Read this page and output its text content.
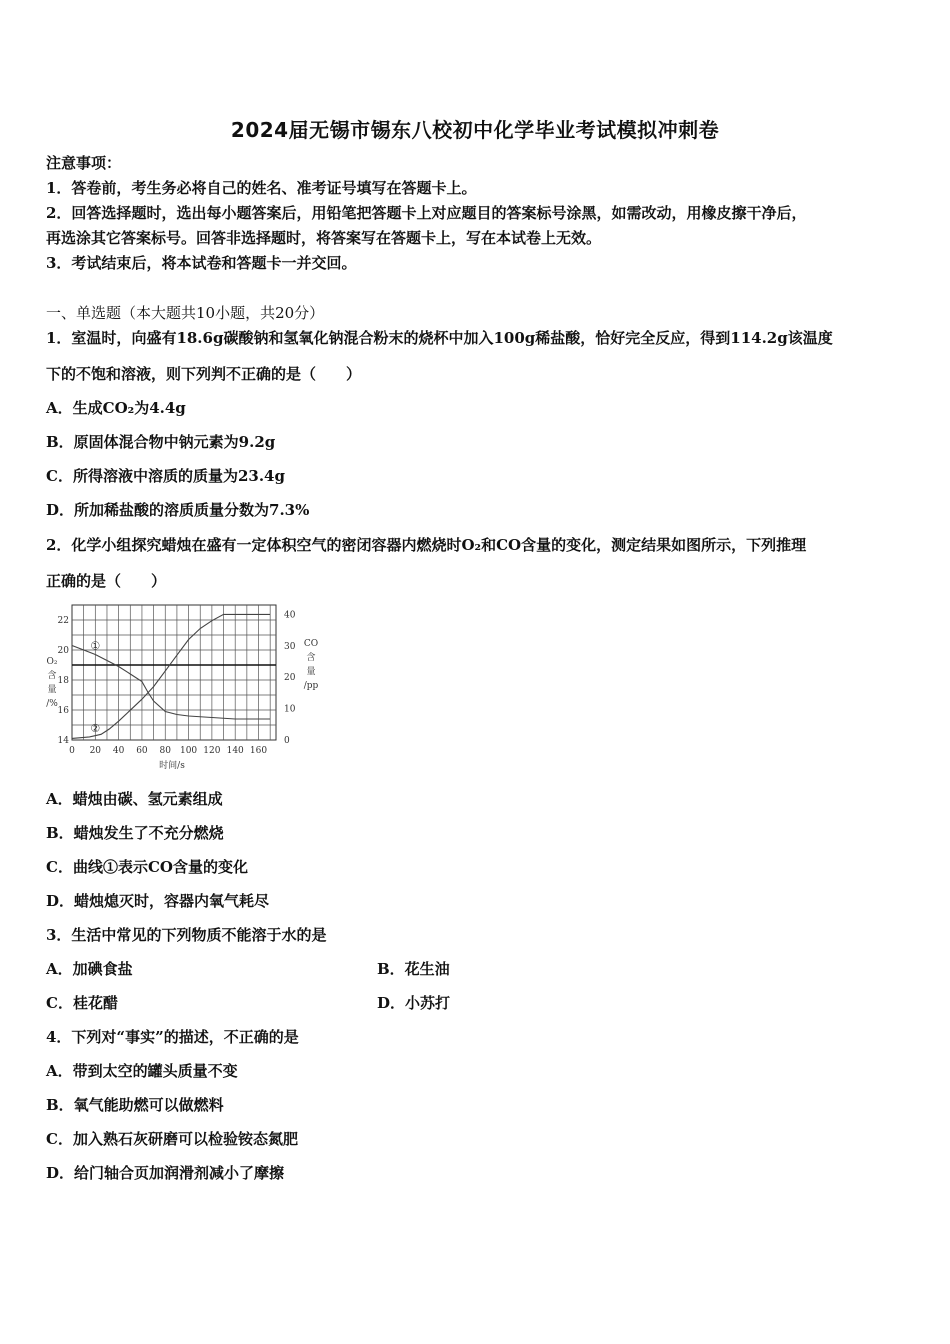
2024届无锡市锡东八校初中化学毕业考试模拟冲刺卷
注意事项：
1．答卷前，考生务必将自己的姓名、准考证号填写在答题卡上。
2．回答选择题时，选出每小题答案后，用铅笔把答题卡上对应题目的答案标号涂黑，如需改动，用橡皮擦干净后，
再选涂其它答案标号。回答非选择题时，将答案写在答题卡上，写在本试卷上无效。
3．考试结束后，将本试卷和答题卡一并交回。
一、单选题（本大题共10小题，共20分）
1．室温时，向盛有18.6g碳酸钠和氢氧化钠混合粉末的烧杯中加入100g稀盐酸，恰好完全反应，得到114.2g该温度
下的不饱和溶液，则下列判不正确的是（　　）
A．生成CO₂为4.4g
B．原固体混合物中钠元素为9.2g
C．所得溶液中溶质的质量为23.4g
D．所加稀盐酸的溶质质量分数为7.3%
2．化学小组探究蜡烛在盛有一定体积空气的密闭容器内燃烧时O₂和CO含量的变化，测定结果如图所示，下列推理
正确的是（　　）
0 20 40 60 80 100 120 140 160
14
16
18
20
22
0
10
20
30
40
①
②
O₂
含
量
/%
CO
含
量
/pp
时间/s
A．蜡烛由碳、氢元素组成
B．蜡烛发生了不充分燃烧
C．曲线①表示CO含量的变化
D．蜡烛熄灭时，容器内氧气耗尽
3．生活中常见的下列物质不能溶于水的是
A．加碘食盐	B．花生油
C．桂花醋	D．小苏打
4．下列对“事实”的描述，不正确的是
A．带到太空的罐头质量不变
B．氧气能助燃可以做燃料
C．加入熟石灰研磨可以检验铵态氮肥
D．给门轴合页加润滑剂减小了摩擦
